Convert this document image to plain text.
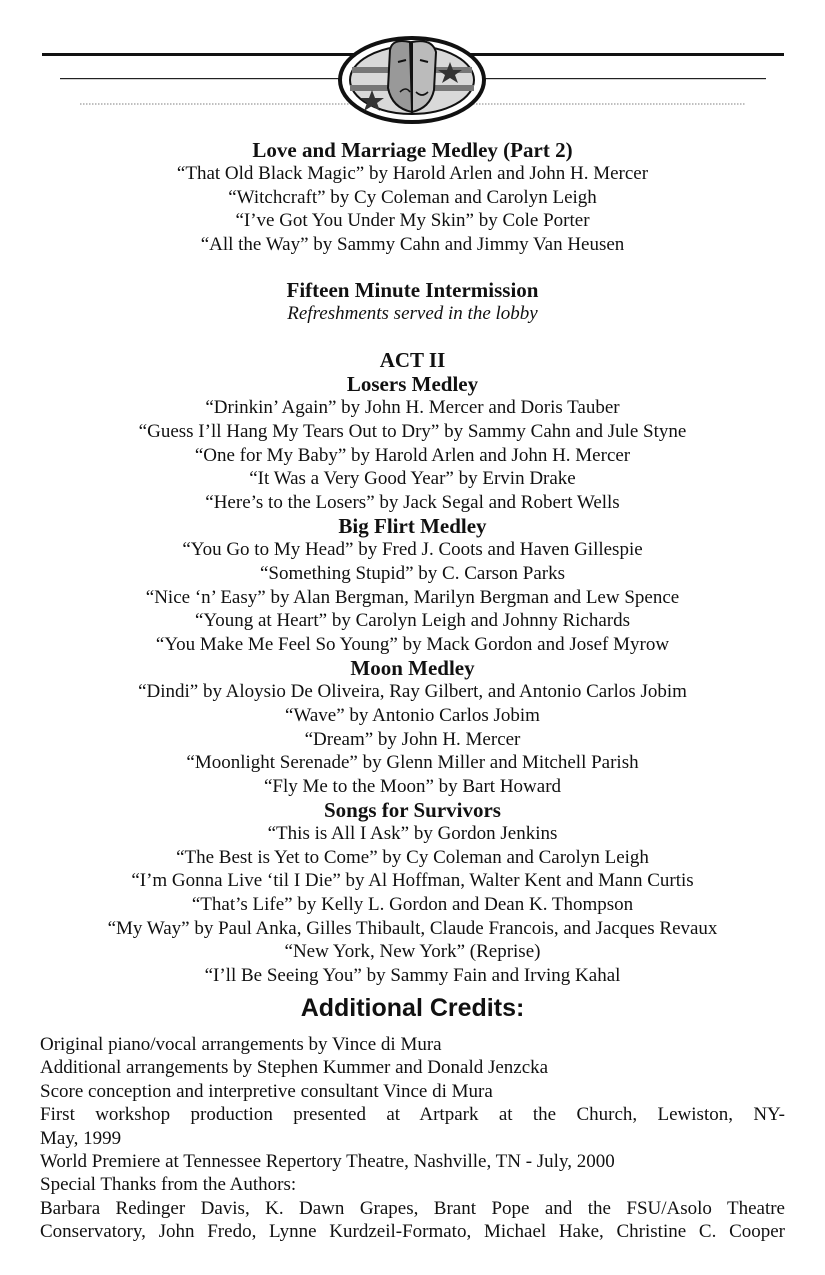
Love and Marriage Medley (Part 2)
“That Old Black Magic” by Harold Arlen and John H. Mercer
“Witchcraft” by Cy Coleman and Carolyn Leigh
“I’ve Got You Under My Skin” by Cole Porter
“All the Way” by Sammy Cahn and Jimmy Van Heusen
Fifteen Minute Intermission
Refreshments served in the lobby
ACT II
Losers Medley
“Drinkin’ Again” by John H. Mercer and Doris Tauber
“Guess I’ll Hang My Tears Out to Dry” by Sammy Cahn and Jule Styne
“One for My Baby” by Harold Arlen and John H. Mercer
“It Was a Very Good Year” by Ervin Drake
“Here’s to the Losers” by Jack Segal and Robert Wells
Big Flirt Medley
“You Go to My Head” by Fred J. Coots and Haven Gillespie
“Something Stupid” by C. Carson Parks
“Nice ‘n’ Easy” by Alan Bergman, Marilyn Bergman and Lew Spence
“Young at Heart” by Carolyn Leigh and Johnny Richards
“You Make Me Feel So Young” by Mack Gordon and Josef Myrow
Moon Medley
“Dindi” by Aloysio De Oliveira, Ray Gilbert, and Antonio Carlos Jobim
“Wave” by Antonio Carlos Jobim
“Dream” by John H. Mercer
“Moonlight Serenade” by Glenn Miller and Mitchell Parish
“Fly Me to the Moon” by Bart Howard
Songs for Survivors
“This is All I Ask” by Gordon Jenkins
“The Best is Yet to Come” by Cy Coleman and Carolyn Leigh
“I’m Gonna Live ‘til I Die” by Al Hoffman, Walter Kent and Mann Curtis
“That’s Life” by Kelly L. Gordon and Dean K. Thompson
“My Way” by Paul Anka, Gilles Thibault, Claude Francois, and Jacques Revaux
“New York, New York” (Reprise)
“I’ll Be Seeing You” by Sammy Fain and Irving Kahal
Additional Credits:
Original piano/vocal arrangements by Vince di Mura
Additional arrangements by Stephen Kummer and Donald Jenzcka
Score conception and interpretive consultant Vince di Mura
First workshop production presented at Artpark at the Church, Lewiston, NY-
May, 1999
World Premiere at Tennessee Repertory Theatre, Nashville, TN - July, 2000
Special Thanks from the Authors:
Barbara Redinger Davis, K. Dawn Grapes, Brant Pope and the FSU/Asolo Theatre
Conservatory, John Fredo, Lynne Kurdzeil-Formato, Michael Hake, Christine C. Cooper
